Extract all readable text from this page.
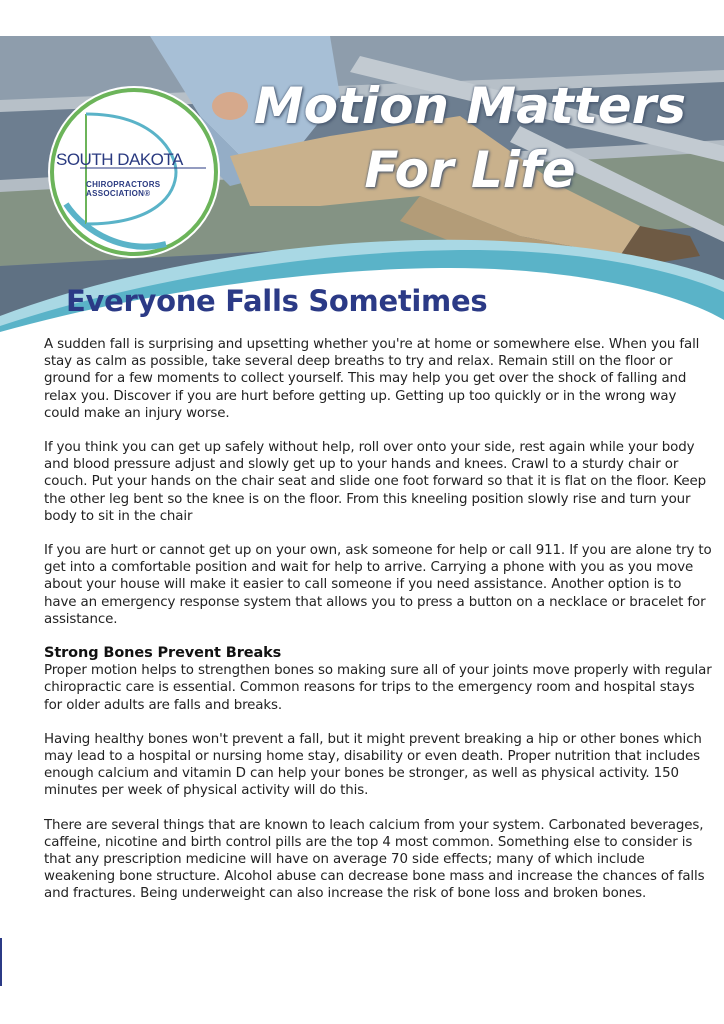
SOUTH DAKOTA
CHIROPRACTORS
ASSOCIATION®
Motion Matters
For Life
Everyone Falls Sometimes

A sudden fall is surprising and upsetting whether you're at home or somewhere else. When you fall stay as calm as possible, take several deep breaths to try and relax. Remain still on the floor or ground for a few moments to collect yourself. This may help you get over the shock of falling and relax you. Discover if you are hurt before getting up. Getting up too quickly or in the wrong way could make an injury worse.

If you think you can get up safely without help, roll over onto your side, rest again while your body and blood pressure adjust and slowly get up to your hands and knees. Crawl to a sturdy chair or couch. Put your hands on the chair seat and slide one foot forward so that it is flat on the floor. Keep the other leg bent so the knee is on the floor. From this kneeling position slowly rise and turn your body to sit in the chair

If you are hurt or cannot get up on your own, ask someone for help or call 911. If you are alone try to get into a comfortable position and wait for help to arrive. Carrying a phone with you as you move about your house will make it easier to call someone if you need assistance. Another option is to have an emergency response system that allows you to press a button on a necklace or bracelet for assistance.

Strong Bones Prevent Breaks

Proper motion helps to strengthen bones so making sure all of your joints move properly with regular chiropractic care is essential. Common reasons for trips to the emergency room and hospital stays for older adults are falls and breaks.

Having healthy bones won't prevent a fall, but it might prevent breaking a hip or other bones which may lead to a hospital or nursing home stay, disability or even death. Proper nutrition that includes enough calcium and vitamin D can help your bones be stronger, as well as physical activity. 150 minutes per week of physical activity will do this.

There are several things that are known to leach calcium from your system. Carbonated beverages, caffeine, nicotine and birth control pills are the top 4 most common. Something else to consider is that any prescription medicine will have on average 70 side effects; many of which include weakening bone structure. Alcohol abuse can decrease bone mass and increase the chances of falls and fractures. Being underweight can also increase the risk of bone loss and broken bones.
